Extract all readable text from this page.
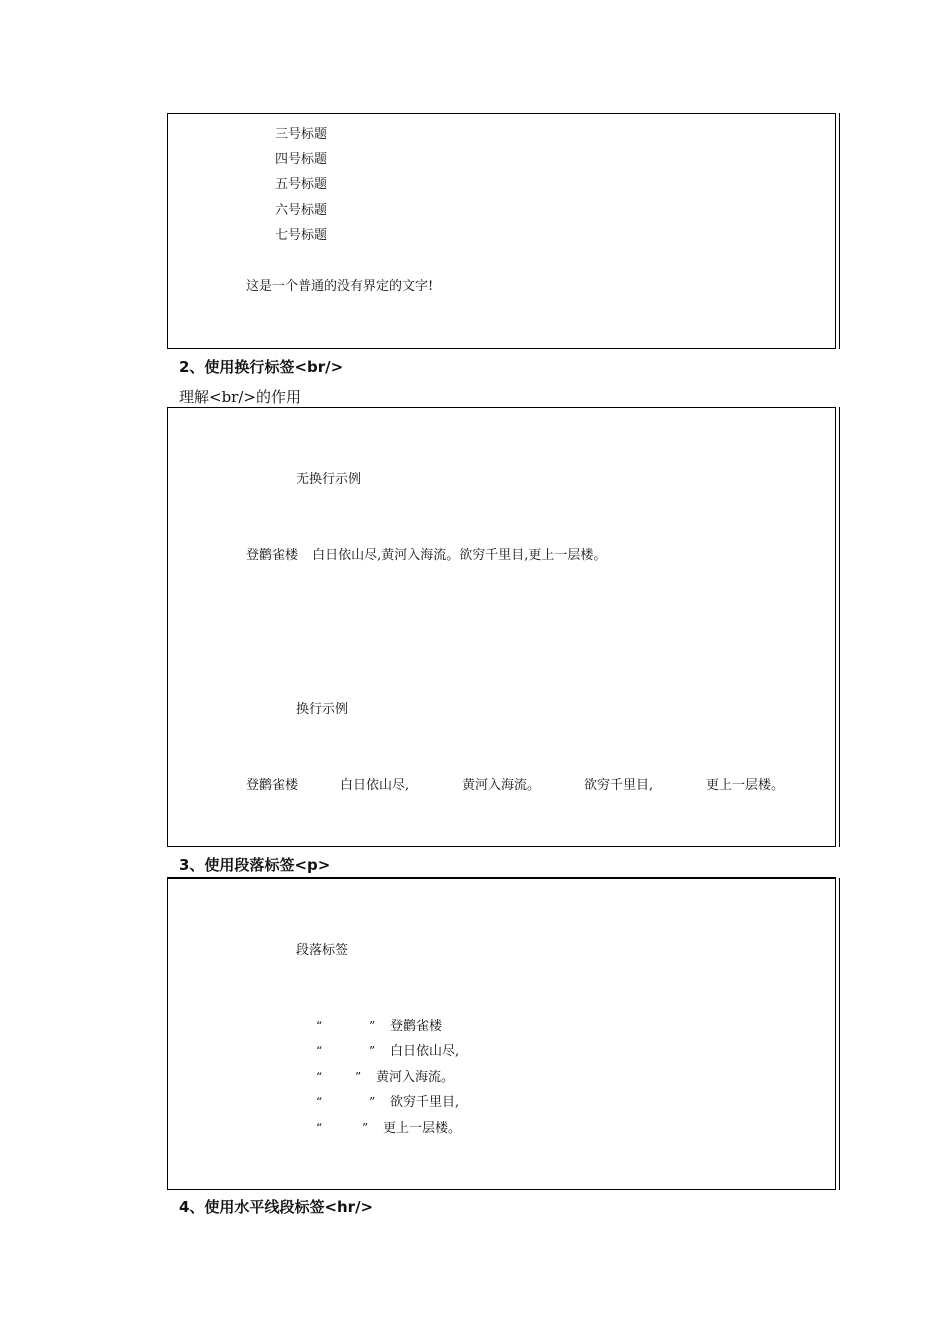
三号标题
四号标题
五号标题
六号标题
七号标题
这是一个普通的没有界定的文字!
2、使用换行标签<br/>
理解<br/>的作用
无换行示例
登鹳雀楼 白日依山尽,黄河入海流。欲穷千里目,更上一层楼。
换行示例
登鹳雀楼	白日依山尽,	黄河入海流。	欲穷千里目,	更上一层楼。
3、使用段落标签<p>
段落标签
“	” 登鹳雀楼
“	” 白日依山尽,
“	” 黄河入海流。
“	” 欲穷千里目,
“	” 更上一层楼。
4、使用水平线段标签<hr/>
